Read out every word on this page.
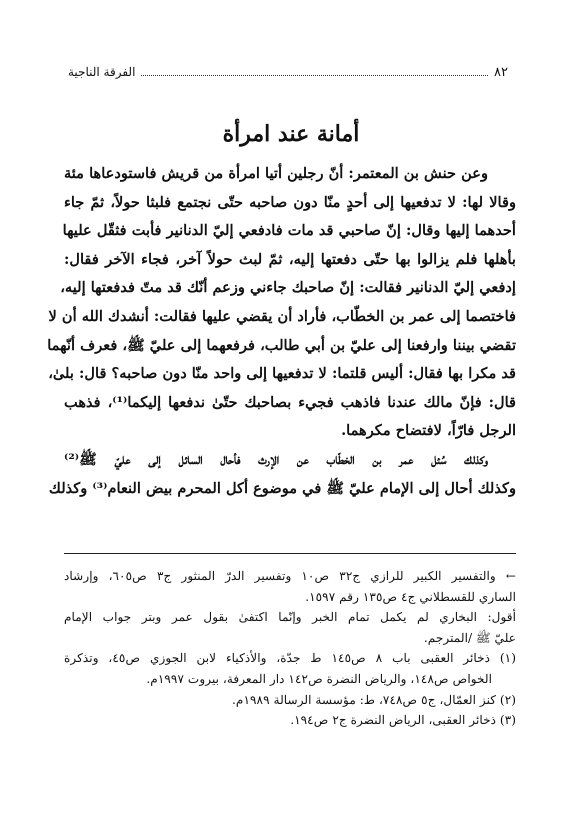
٨٢
الفرقة الناجية
أمانة عند امرأة
وعن حنش بن المعتمر: أنّ رجلين أتيا امرأة من قريش فاستودعاها مئة
وقالا لها: لا تدفعيها إلى أحدٍ منّا دون صاحبه حتّى نجتمع فلبثا حولاً، ثمّ جاء
أحدهما إليها وقال: إنّ صاحبي قد مات فادفعي إليّ الدنانير فأبت فثقّل عليها
بأهلها فلم يزالوا بها حتّى دفعتها إليه، ثمّ لبث حولاً آخر، فجاء الآخر فقال:
إدفعي إليّ الدنانير فقالت: إنّ صاحبك جاءني وزعم أنّك قد متّ فدفعتها إليه،
فاختصما إلى عمر بن الخطّاب، فأراد أن يقضي عليها فقالت: أنشدك الله أن لا
تقضي بيننا وارفعنا إلى عليّ بن أبي طالب، فرفعهما إلى عليّ ﷺ، فعرف أنّهما
قد مكرا بها فقال: أليس قلتما: لا تدفعيها إلى واحد منّا دون صاحبه؟ قال: بلىٰ،
قال: فإنّ مالك عندنا فاذهب فجيء بصاحبك حتّىٰ ندفعها إليكما⁽¹⁾، فذهب
الرجل فارّاً، لافتضاح مكرهما.
وكذلك سُئل عمر بن الخطّاب عن الإرث فأحال السائل إلى عليّ ﷺ⁽²⁾
وكذلك أحال إلى الإمام عليّ ﷺ في موضوع أكل المحرم بيض النعام⁽³⁾ وكذلك
← والتفسير الكبير للرازي ج٣٢ ص١٠ وتفسير الدرّ المنثور ج٣ ص٦٠٥، وإرشاد
الساري للقسطلاني ج٤ ص١٣٥ رقم ١٥٩٧.
أقول: البخاري لم يكمل تمام الخبر وإنّما اكتفىٰ بقول عمر وبتر جواب الإمام
عليّ ﷺ /المترجم.
(١) ذخائر العقبى باب ٨ ص١٤٥ ط جدّة، والأذكياء لابن الجوزي ص٤٥، وتذكرة
الخواص ص١٤٨، والرياض النضرة ص١٤٢ دار المعرفة، بيروت ١٩٩٧م.
(٢) كنز العمّال، ج٥ ص٧٤٨، ط: مؤسسة الرسالة ١٩٨٩م.
(٣) ذخائر العقبى، الرياض النضرة ج٢ ص١٩٤.
